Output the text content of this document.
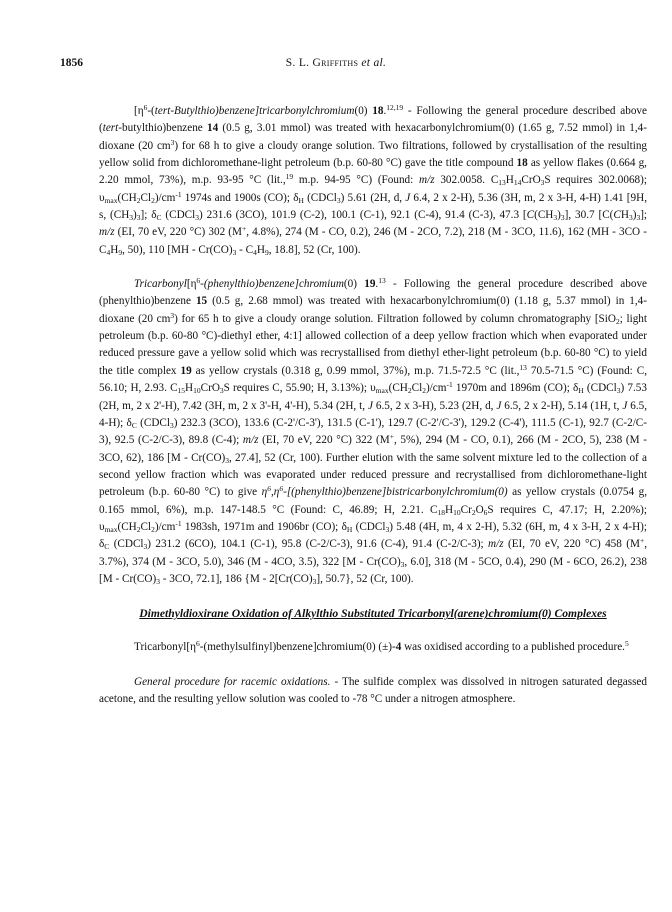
1856	S. L. Griffiths et al.

$[\eta^6-(tert-Butylthio)benzene]tricarbonylchromium(0)$ 18.$^{12,19}$ - Following the general procedure described above (tert-butylthio)benzene 14 (0.5 g, 3.01 mmol) was treated with hexacarbonylchromium(0) (1.65 g, 7.52 mmol) in 1,4-dioxane (20 $cm^3$) for 68 h to give a cloudy orange solution. Two filtrations, followed by crystallisation of the resulting yellow solid from dichloromethane-light petroleum (b.p. 60-80 °C) gave the title compound 18 as yellow flakes (0.664 g, 2.20 mmol, 73%), m.p. 93-95 °C (lit.,$^{19}$ m.p. 94-95 °C) (Found: m/z 302.0058. $C_{13}H_{14}CrO_3S$ requires 302.0068); $\upsilon_{max}(CH_2Cl_2)/cm^{-1}$ 1974s and 1900s (CO); $\delta_H$ (CDCl$_3$) 5.61 (2H, d, J 6.4, 2 x 2-H), 5.36 (3H, m, 2 x 3-H, 4-H) 1.41 [9H, s, $(CH_3)_3$]; $\delta_C$ (CDCl$_3$) 231.6 (3CO), 101.9 (C-2), 100.1 (C-1), 92.1 (C-4), 91.4 (C-3), 47.3 $[C(CH_3)_3]$, 30.7 $[C(CH_3)_3]$; m/z (EI, 70 eV, 220 °C) 302 (M+, 4.8%), 274 (M - CO, 0.2), 246 (M - 2CO, 7.2), 218 (M - 3CO, 11.6), 162 ($MH - 3CO - C_4H_9$, 50), 110 [$MH - Cr(CO)_3 - C_4H_9$, 18.8], 52 (Cr, 100).

$Tricarbonyl[\eta^6-(phenylthio)benzene]chromium(0)$ 19.13 - Following the general procedure described above (phenylthio)benzene 15 (0.5 g, 2.68 mmol) was treated with hexacarbonylchromium(0) (1.18 g, 5.37 mmol) in 1,4-dioxane (20 $cm^3$) for 65 h to give a cloudy orange solution. Filtration followed by column chromatography [SiO$_2$; light petroleum (b.p. 60-80 °C)-diethyl ether, 4:1] allowed collection of a deep yellow fraction which when evaporated under reduced pressure gave a yellow solid which was recrystallised from diethyl ether-light petroleum (b.p. 60-80 °C) to yield the title complex 19 as yellow crystals (0.318 g, 0.99 mmol, 37%), m.p. 71.5-72.5 °C (lit.,$^{13}$ 70.5-71.5 °C) (Found: C, 56.10; H, 2.93. $C_{15}H_{10}CrO_3S$ requires C, 55.90; H, 3.13%); $\upsilon_{max}(CH_2Cl_2)/cm^{-1}$ 1970m and 1896m (CO); $\delta_H$ (CDCl$_3$) 7.53 (2H, m, 2 x 2'-H), 7.42 (3H, m, 2 x 3'-H, 4'-H), 5.34 (2H, t, J 6.5, 2 x 3-H), 5.23 (2H, d, J 6.5, 2 x 2-H), 5.14 (1H, t, J 6.5, 4-H); $\delta_C$ (CDCl$_3$) 232.3 (3CO), 133.6 (C-2'/C-3'), 131.5 (C-1'), 129.7 (C-2'/C-3'), 129.2 (C-4'), 111.5 (C-1), 92.7 (C-2/C-3), 92.5 (C-2/C-3), 89.8 (C-4); m/z (EI, 70 eV, 220 °C) 322 (M+, 5%), 294 (M - CO, 0.1), 266 (M - 2CO, 5), 238 (M - 3CO, 62), 186 [$M - Cr(CO)_3$, 27.4], 52 (Cr, 100). Further elution with the same solvent mixture led to the collection of a second yellow fraction which was evaporated under reduced pressure and recrystallised from dichloromethane-light petroleum (b.p. 60-80 °C) to give $\eta^6,\eta^6-[(phenylthio)benzene]bistricarbonylchromium(0)$ as yellow crystals (0.0754 g, 0.165 mmol, 6%), m.p. 147-148.5 °C (Found: C, 46.89; H, 2.21. $C_{18}H_{10}Cr_2O_6S$ requires C, 47.17; H, 2.20%); $\upsilon_{max}(CH_2Cl_2)/cm^{-1}$ 1983sh, 1971m and 1906br (CO); $\delta_H$ (CDCl$_3$) 5.48 (4H, m, 4 x 2-H), 5.32 (6H, m, 4 x 3-H, 2 x 4-H); $\delta_C$ (CDCl$_3$) 231.2 (6CO), 104.1 (C-1), 95.8 (C-2/C-3), 91.6 (C-4), 91.4 (C-2/C-3); m/z (EI, 70 eV, 220 °C) 458 (M+, 3.7%), 374 (M - 3CO, 5.0), 346 (M - 4CO, 3.5), 322 [$M - Cr(CO)_3$, 6.0], 318 (M - 5CO, 0.4), 290 (M - 6CO, 26.2), 238 [$M - Cr(CO)_3 - 3CO$, 72.1], 186 {$M - 2[Cr(CO)_3]$, 50.7}, 52 (Cr, 100).

Dimethyldioxirane Oxidation of Alkylthio Substituted Tricarbonyl(arene)chromium(0) Complexes

$Tricarbonyl[\eta^6-(methylsulfinyl)benzene]chromium(0)$ (±)-4 was oxidised according to a published procedure.$^5$

General procedure for racemic oxidations. - The sulfide complex was dissolved in nitrogen saturated degassed acetone, and the resulting yellow solution was cooled to -78 °C under a nitrogen atmosphere.
